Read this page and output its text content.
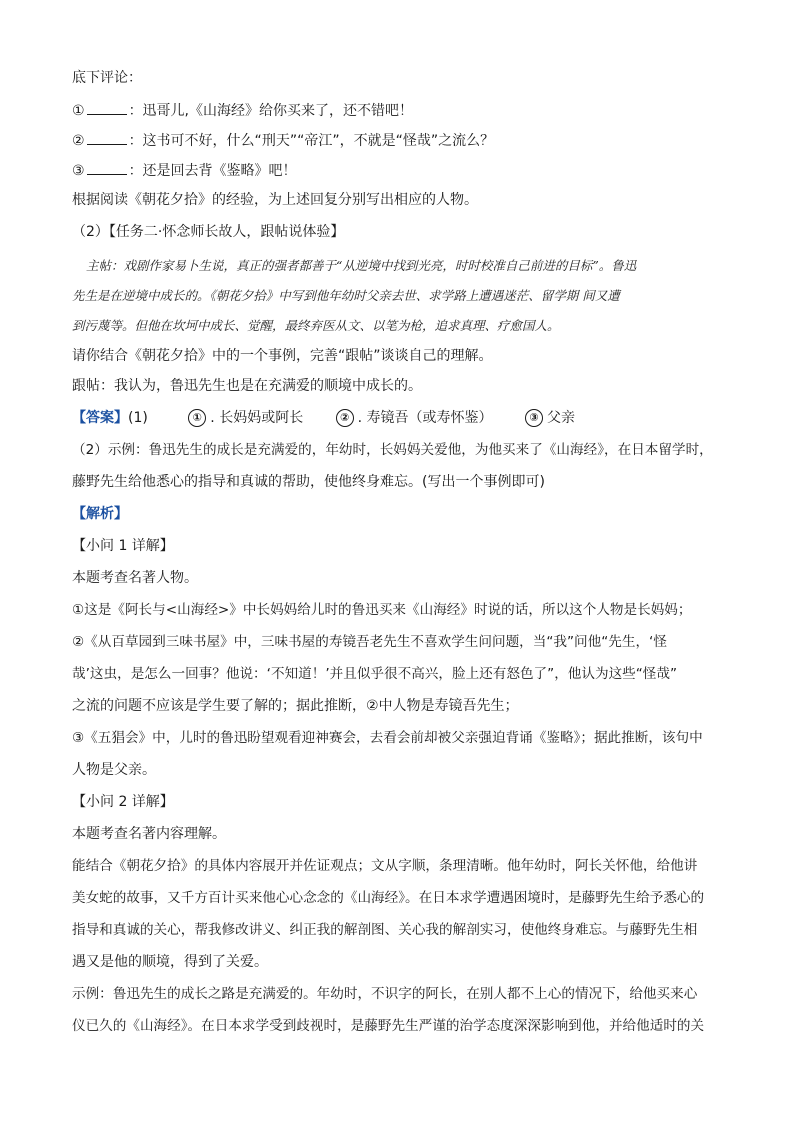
底下评论：
①	：迅哥儿,《山海经》给你买来了，还不错吧！
②	：这书可不好，什么“刑天”“帝江”，不就是“怪哉”之流么？
③	：还是回去背《鉴略》吧！
根据阅读《朝花夕拾》的经验，为上述回复分别写出相应的人物。
（2）【任务二·怀念师长故人，跟帖说体验】
主帖：戏剧作家易卜生说，真正的强者都善于“从逆境中找到光亮，时时校准自己前进的目标”。鲁迅
先生是在逆境中成长的。《朝花夕拾》中写到他年幼时父亲去世、求学路上遭遇迷茫、留学期 间又遭
到污蔑等。但他在坎坷中成长、觉醒，最终弃医从文、以笔为枪，追求真理、疗愈国人。
请你结合《朝花夕拾》中的一个事例，完善“跟帖”谈谈自己的理解。
跟帖：我认为，鲁迅先生也是在充满爱的顺境中成长的。
【答案】(1)	① . 长妈妈或阿长	② . 寿镜吾（或寿怀鉴）	③ 父亲
（2）示例：鲁迅先生的成长是充满爱的，年幼时，长妈妈关爱他，为他买来了《山海经》，在日本留学时，
藤野先生给他悉心的指导和真诚的帮助，使他终身难忘。(写出一个事例即可)
【解析】
【小问 1 详解】
本题考查名著人物。
①这是《阿长与<山海经>》中长妈妈给儿时的鲁迅买来《山海经》时说的话，所以这个人物是长妈妈；
②《从百草园到三味书屋》中，三味书屋的寿镜吾老先生不喜欢学生问问题，当“我”问他“先生，‘怪
哉’这虫，是怎么一回事？他说：‘不知道！’并且似乎很不高兴，脸上还有怒色了”，他认为这些“怪哉”
之流的问题不应该是学生要了解的；据此推断，②中人物是寿镜吾先生；
③《五猖会》中，儿时的鲁迅盼望观看迎神赛会，去看会前却被父亲强迫背诵《鉴略》；据此推断，该句中
人物是父亲。
【小问 2 详解】
本题考查名著内容理解。
能结合《朝花夕拾》的具体内容展开并佐证观点；文从字顺，条理清晰。他年幼时，阿长关怀他，给他讲
美女蛇的故事，又千方百计买来他心心念念的《山海经》。在日本求学遭遇困境时，是藤野先生给予悉心的
指导和真诚的关心，帮我修改讲义、纠正我的解剖图、关心我的解剖实习，使他终身难忘。与藤野先生相
遇又是他的顺境，得到了关爱。
示例：鲁迅先生的成长之路是充满爱的。年幼时，不识字的阿长，在别人都不上心的情况下，给他买来心
仪已久的《山海经》。在日本求学受到歧视时，是藤野先生严谨的治学态度深深影响到他，并给他适时的关
